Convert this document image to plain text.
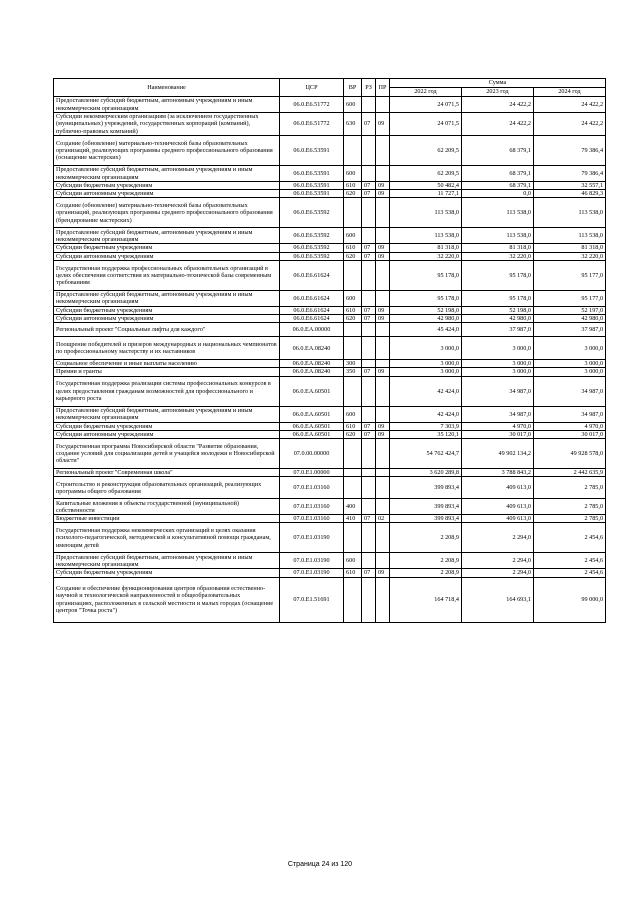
Наименование	ЦСР	ВР	РЗ	ПР	Сумма		
					2022 год	2023 год	2024 год
Предоставление субсидий бюджетным, автономным учреждениям и иным некоммерческим организациям	06.0.Е6.51772	600			24 071,5	24 422,2	24 422,2
Субсидии некоммерческим организациям (за исключением государственных (муниципальных) учреждений, государственных корпораций (компаний), публично-правовых компаний)	06.0.Е6.51772	630	07	09	24 071,5	24 422,2	24 422,2
Создание (обновление) материально-технической базы образовательных организаций, реализующих программы среднего профессионального образования (оснащение мастерских)	06.0.Е6.53591				62 209,5	68 379,1	79 386,4
Предоставление субсидий бюджетным, автономным учреждениям и иным некоммерческим организациям	06.0.Е6.53591	600			62 209,5	68 379,1	79 386,4
Субсидии бюджетным учреждениям	06.0.Е6.53591	610	07	09	50 482,4	68 379,1	32 557,1
Субсидии автономным учреждениям	06.0.Е6.53591	620	07	09	11 727,1	0,0	46 829,3
Создание (обновление) материально-технической базы образовательных организаций, реализующих программы среднего профессионального образования (брендирование мастерских)	06.0.Е6.53592				113 538,0	113 538,0	113 538,0
Предоставление субсидий бюджетным, автономным учреждениям и иным некоммерческим организациям	06.0.Е6.53592	600			113 538,0	113 538,0	113 538,0
Субсидии бюджетным учреждениям	06.0.Е6.53592	610	07	09	81 318,0	81 318,0	81 318,0
Субсидии автономным учреждениям	06.0.Е6.53592	620	07	09	32 220,0	32 220,0	32 220,0
Государственная поддержка профессиональных образовательных организаций в целях обеспечения соответствия их материально-технической базы современным требованиям	06.0.Е6.61624				95 178,0	95 178,0	95 177,0
Предоставление субсидий бюджетным, автономным учреждениям и иным некоммерческим организациям	06.0.Е6.61624	600			95 178,0	95 178,0	95 177,0
Субсидии бюджетным учреждениям	06.0.Е6.61624	610	07	09	52 198,0	52 198,0	52 197,0
Субсидии автономным учреждениям	06.0.Е6.61624	620	07	09	42 980,0	42 980,0	42 980,0
Региональный проект "Социальные лифты для каждого"	06.0.ЕА.00000				45 424,0	37 987,0	37 987,0
Поощрение победителей и призеров международных и национальных чемпионатов по профессиональному мастерству и их наставников	06.0.ЕА.08240				3 000,0	3 000,0	3 000,0
Социальное обеспечение и иные выплаты населению	06.0.ЕА.08240	300			3 000,0	3 000,0	3 000,0
Премии и гранты	06.0.ЕА.08240	350	07	09	3 000,0	3 000,0	3 000,0
Государственная поддержка реализации системы профессиональных конкурсов в целях предоставления гражданам возможностей для профессионального и карьерного роста	06.0.ЕА.60501				42 424,0	34 987,0	34 987,0
Предоставление субсидий бюджетным, автономным учреждениям и иным некоммерческим организациям	06.0.ЕА.60501	600			42 424,0	34 987,0	34 987,0
Субсидии бюджетным учреждениям	06.0.ЕА.60501	610	07	09	7 303,9	4 970,0	4 970,0
Субсидии автономным учреждениям	06.0.ЕА.60501	620	07	09	35 120,1	30 017,0	30 017,0
Государственная программа Новосибирской области "Развитие образования, создание условий для социализации детей и учащейся молодежи в Новосибирской области"	07.0.00.00000				54 762 424,7	49 902 134,2	49 928 578,0
Региональный проект "Современная школа"	07.0.Е1.00000				3 620 289,8	3 788 843,2	2 442 635,9
Строительство и реконструкция образовательных организаций, реализующих программы общего образования	07.0.Е1.03160				399 893,4	409 613,0	2 785,0
Капитальные вложения в объекты государственной (муниципальной) собственности	07.0.Е1.03160	400			399 893,4	409 613,0	2 785,0
Бюджетные инвестиции	07.0.Е1.03160	410	07	02	399 893,4	409 613,0	2 785,0
Государственная поддержка некоммерческих организаций в целях оказания психолого-педагогической, методической и консультативной помощи гражданам, имеющим детей	07.0.Е1.03190				2 208,9	2 294,0	2 454,6
Предоставление субсидий бюджетным, автономным учреждениям и иным некоммерческим организациям	07.0.Е1.03190	600			2 208,9	2 294,0	2 454,6
Субсидии бюджетным учреждениям	07.0.Е1.03190	610	07	09	2 208,9	2 294,0	2 454,6
Создание и обеспечение функционирования центров образования естественно-научной и технологической направленностей в общеобразовательных организациях, расположенных в сельской местности и малых городах (оснащение центров "Точка роста")	07.0.Е1.51691				164 718,4	164 693,1	99 000,0
Страница 24 из 120
